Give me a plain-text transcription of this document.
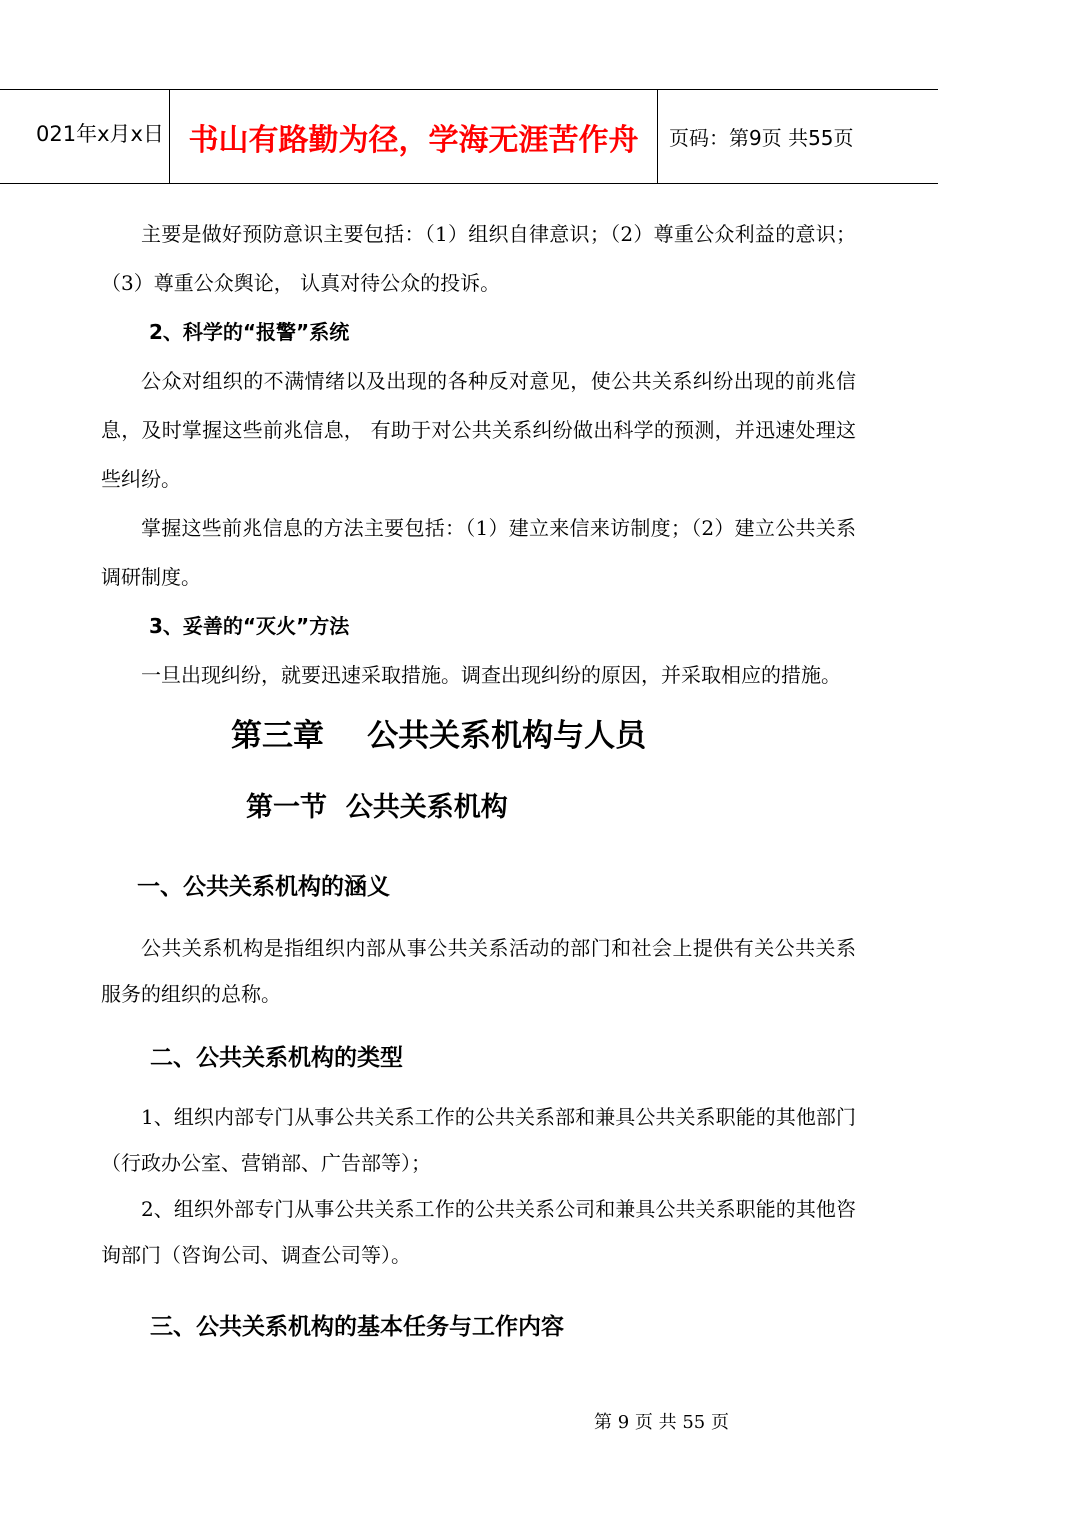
021年x月x日 书山有路勤为径，学海无涯苦作舟	页码：第9页 共55页

主要是做好预防意识主要包括：（1）组织自律意识；（2）尊重公众利益的意识；（3）尊重公众舆论， 认真对待公众的投诉。

2、科学的“报警”系统

公众对组织的不满情绪以及出现的各种反对意见，使公共关系纠纷出现的前兆信息，及时掌握这些前兆信息， 有助于对公共关系纠纷做出科学的预测，并迅速处理这些纠纷。

掌握这些前兆信息的方法主要包括：（1）建立来信来访制度；（2）建立公共关系调研制度。

3、妥善的“灭火”方法

一旦出现纠纷，就要迅速采取措施。调查出现纠纷的原因，并采取相应的措施。

第三章    公共关系机构与人员

第一节  公共关系机构

一、公共关系机构的涵义

公共关系机构是指组织内部从事公共关系活动的部门和社会上提供有关公共关系服务的组织的总称。

二、公共关系机构的类型

1、组织内部专门从事公共关系工作的公共关系部和兼具公共关系职能的其他部门（行政办公室、营销部、广告部等）；

2、组织外部专门从事公共关系工作的公共关系公司和兼具公共关系职能的其他咨询部门（咨询公司、调查公司等）。

三、公共关系机构的基本任务与工作内容

第 9 页 共 55 页
